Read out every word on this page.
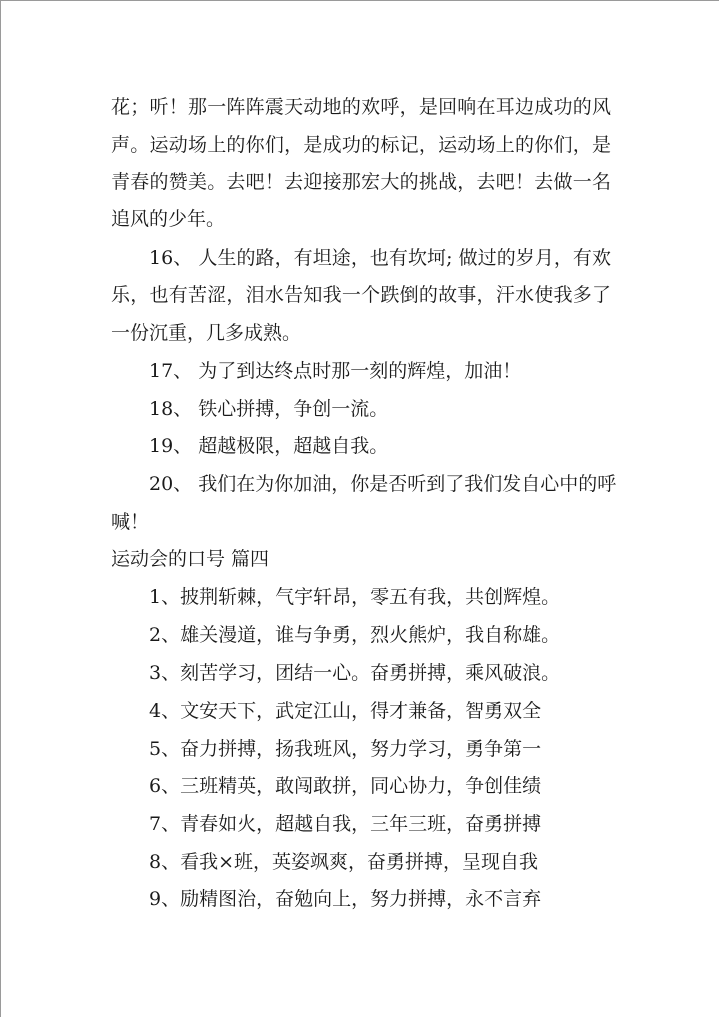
花；听！那一阵阵震天动地的欢呼，是回响在耳边成功的风
声。运动场上的你们，是成功的标记，运动场上的你们，是
青春的赞美。去吧！去迎接那宏大的挑战，去吧！去做一名
追风的少年。
16、 人生的路，有坦途，也有坎坷; 做过的岁月，有欢
乐，也有苦涩，泪水告知我一个跌倒的故事，汗水使我多了
一份沉重，几多成熟。
17、 为了到达终点时那一刻的辉煌，加油！
18、 铁心拼搏，争创一流。
19、 超越极限，超越自我。
20、 我们在为你加油，你是否听到了我们发自心中的呼
喊！
运动会的口号 篇四
1、披荆斩棘，气宇轩昂，零五有我，共创辉煌。
2、雄关漫道，谁与争勇，烈火熊炉，我自称雄。
3、刻苦学习，团结一心。奋勇拼搏，乘风破浪。
4、文安天下，武定江山，得才兼备，智勇双全
5、奋力拼搏，扬我班风，努力学习，勇争第一
6、三班精英，敢闯敢拼，同心协力，争创佳绩
7、青春如火，超越自我，三年三班，奋勇拼搏
8、看我×班，英姿飒爽，奋勇拼搏，呈现自我
9、励精图治，奋勉向上，努力拼搏，永不言弃
